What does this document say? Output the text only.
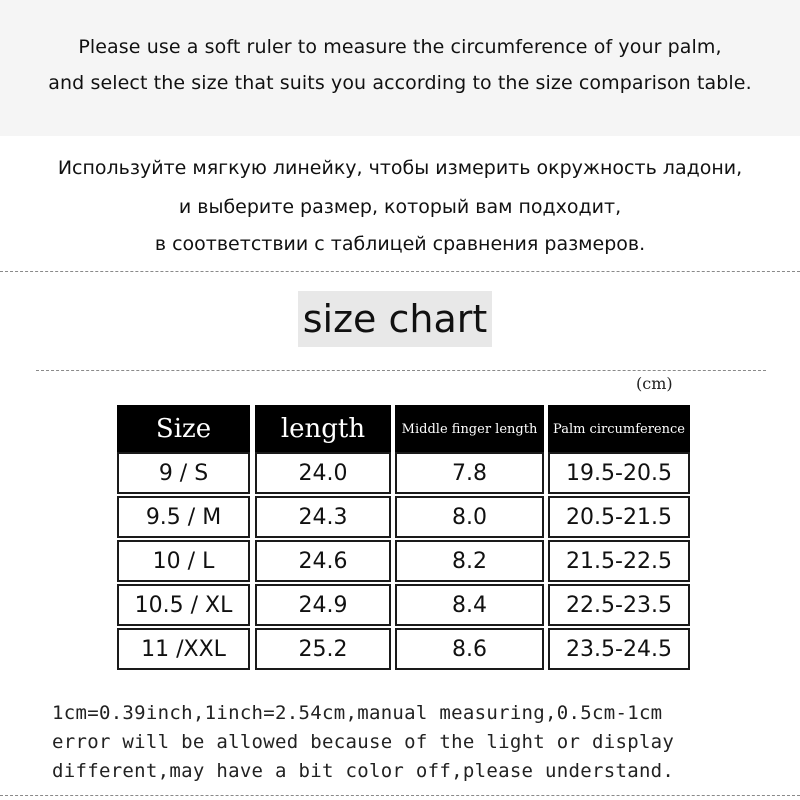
Please use a soft ruler to measure the circumference of your palm,
and select the size that suits you according to the size comparison table.
Используйте мягкую линейку, чтобы измерить окружность ладони,
и выберите размер, который вам подходит,
в соответствии с таблицей сравнения размеров.
size chart
(cm)
Size	length	Middle finger length	Palm circumference
9 / S	24.0	7.8	19.5-20.5
9.5 / M	24.3	8.0	20.5-21.5
10 / L	24.6	8.2	21.5-22.5
10.5 / XL	24.9	8.4	22.5-23.5
11 /XXL	25.2	8.6	23.5-24.5
1cm=0.39inch,1inch=2.54cm,manual measuring,0.5cm-1cm
error will be allowed because of the light or display
different,may have a bit color off,please understand.
